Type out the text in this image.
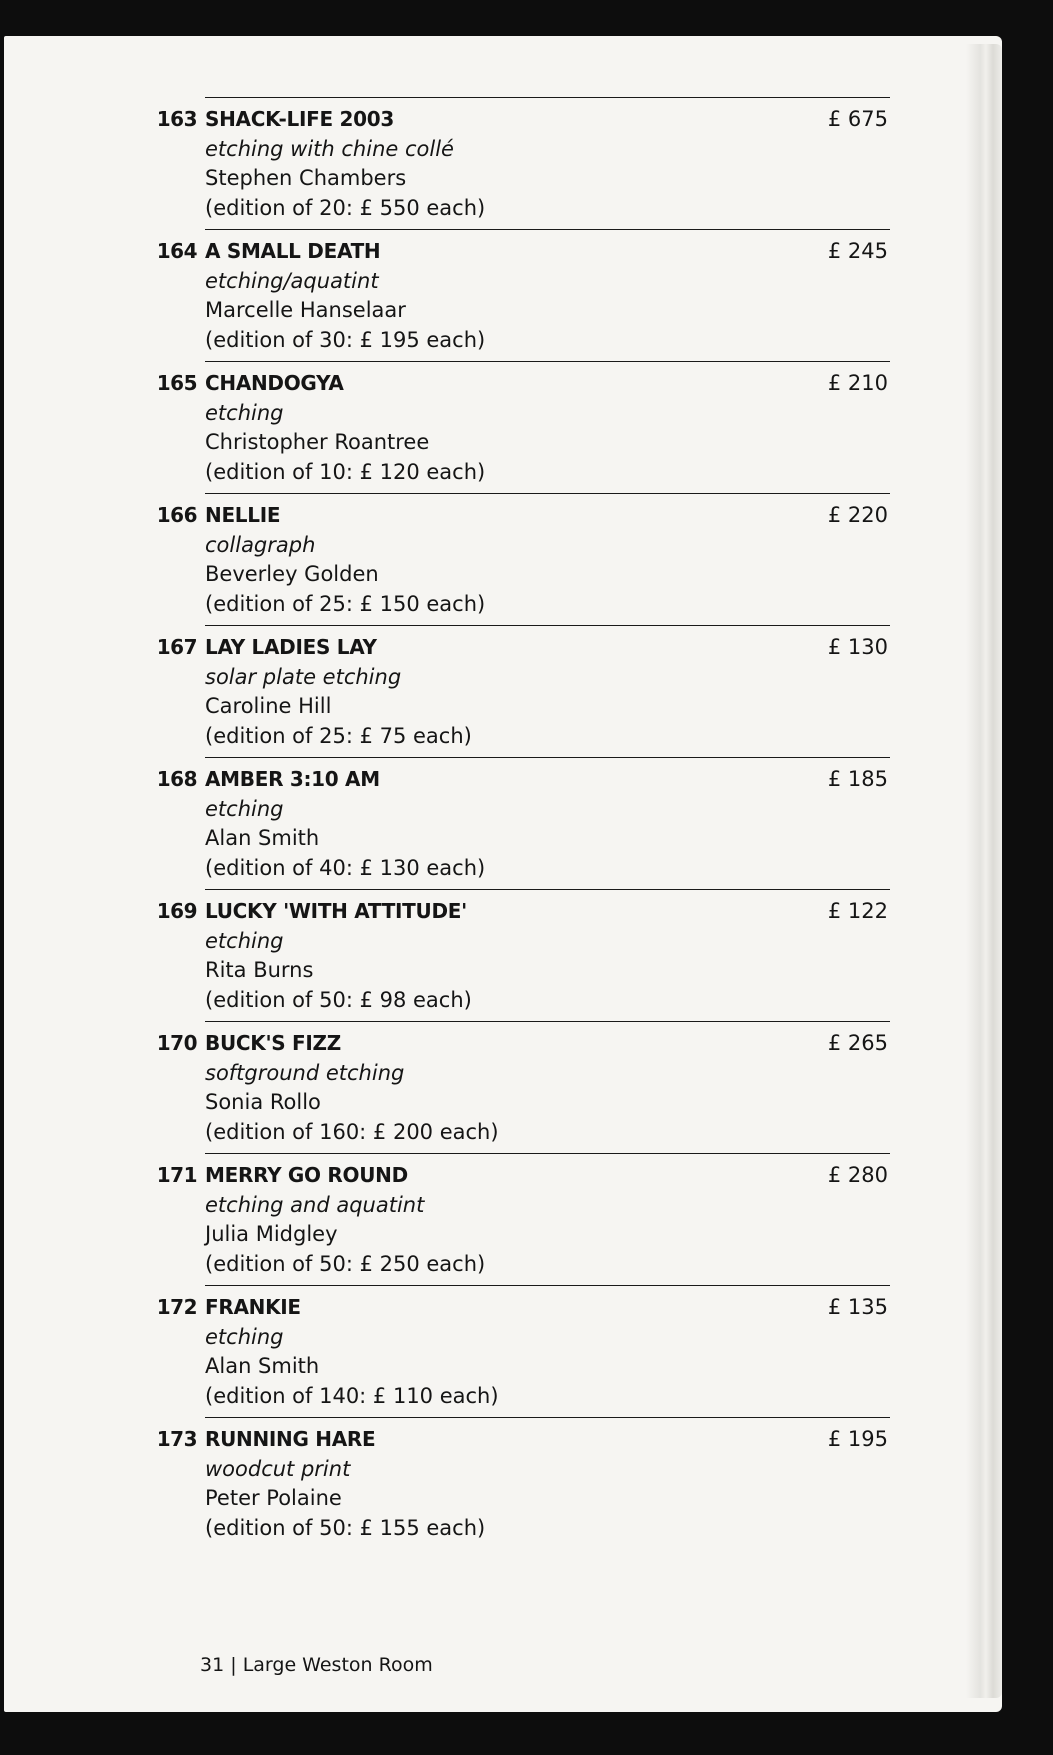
163 SHACK-LIFE 2003
etching with chine collé
Stephen Chambers
(edition of 20: £ 550 each)
£ 675
164 A SMALL DEATH
etching/aquatint
Marcelle Hanselaar
(edition of 30: £ 195 each)
£ 245
165 CHANDOGYA
etching
Christopher Roantree
(edition of 10: £ 120 each)
£ 210
166 NELLIE
collagraph
Beverley Golden
(edition of 25: £ 150 each)
£ 220
167 LAY LADIES LAY
solar plate etching
Caroline Hill
(edition of 25: £ 75 each)
£ 130
168 AMBER 3:10 AM
etching
Alan Smith
(edition of 40: £ 130 each)
£ 185
169 LUCKY 'WITH ATTITUDE'
etching
Rita Burns
(edition of 50: £ 98 each)
£ 122
170 BUCK'S FIZZ
softground etching
Sonia Rollo
(edition of 160: £ 200 each)
£ 265
171 MERRY GO ROUND
etching and aquatint
Julia Midgley
(edition of 50: £ 250 each)
£ 280
172 FRANKIE
etching
Alan Smith
(edition of 140: £ 110 each)
£ 135
173 RUNNING HARE
woodcut print
Peter Polaine
(edition of 50: £ 155 each)
£ 195
31 | Large Weston Room
